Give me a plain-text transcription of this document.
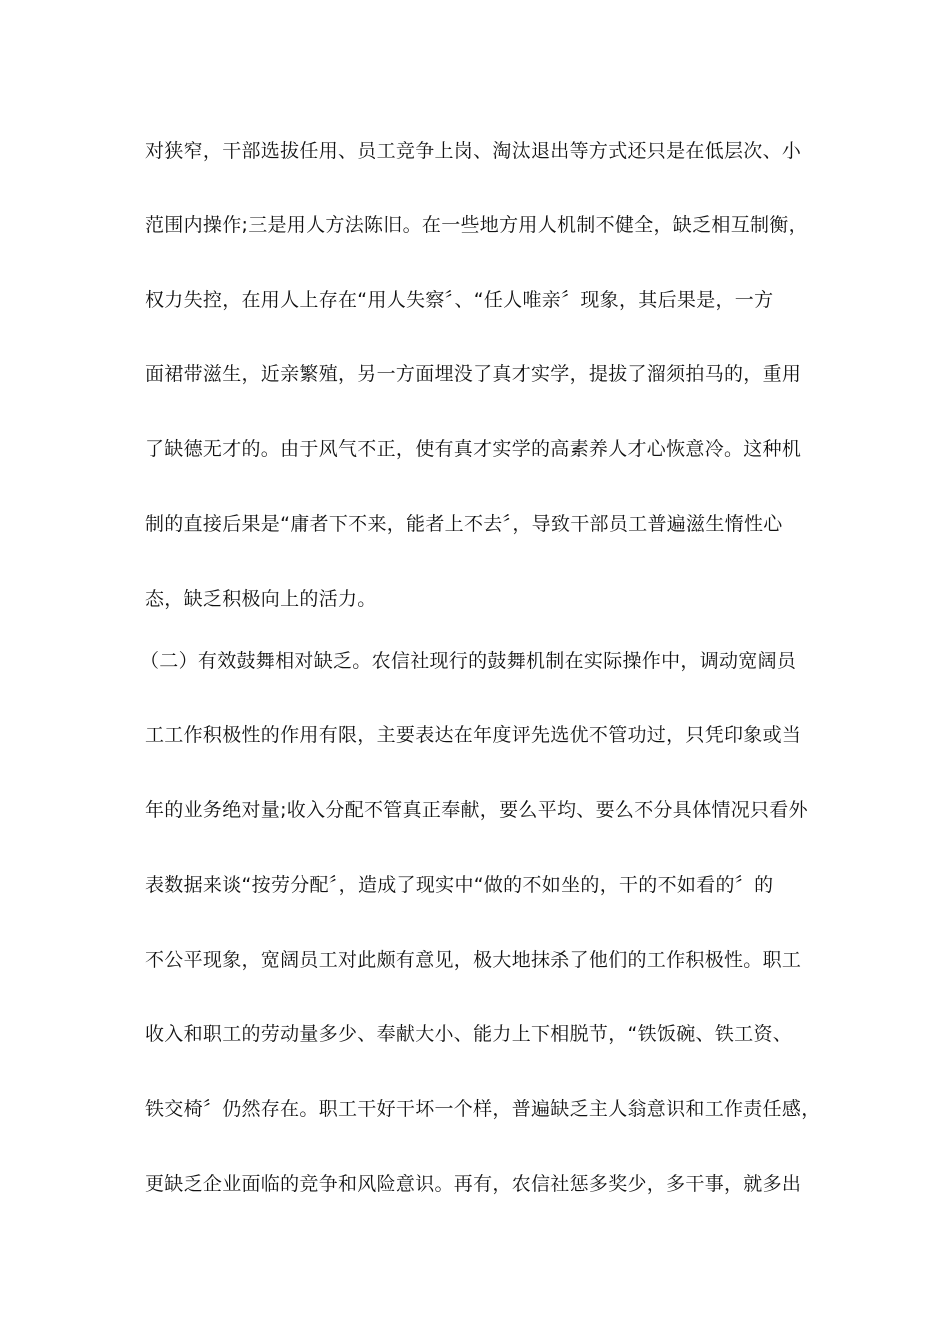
对狭窄，干部选拔任用、员工竞争上岗、淘汰退出等方式还只是在低层次、小
范围内操作;三是用人方法陈旧。在一些地方用人机制不健全，缺乏相互制衡，
权力失控，在用人上存在“用人失察〞、“任人唯亲〞现象，其后果是，一方
面裙带滋生，近亲繁殖，另一方面埋没了真才实学，提拔了溜须拍马的，重用
了缺德无才的。由于风气不正，使有真才实学的高素养人才心恢意冷。这种机
制的直接后果是“庸者下不来，能者上不去〞，导致干部员工普遍滋生惰性心
态，缺乏积极向上的活力。
（二）有效鼓舞相对缺乏。农信社现行的鼓舞机制在实际操作中，调动宽阔员
工工作积极性的作用有限，主要表达在年度评先选优不管功过，只凭印象或当
年的业务绝对量;收入分配不管真正奉献，要么平均、要么不分具体情况只看外
表数据来谈“按劳分配〞，造成了现实中“做的不如坐的，干的不如看的〞的
不公平现象，宽阔员工对此颇有意见，极大地抹杀了他们的工作积极性。职工
收入和职工的劳动量多少、奉献大小、能力上下相脱节，“铁饭碗、铁工资、
铁交椅〞仍然存在。职工干好干坏一个样，普遍缺乏主人翁意识和工作责任感，
更缺乏企业面临的竞争和风险意识。再有，农信社惩多奖少，多干事，就多出
